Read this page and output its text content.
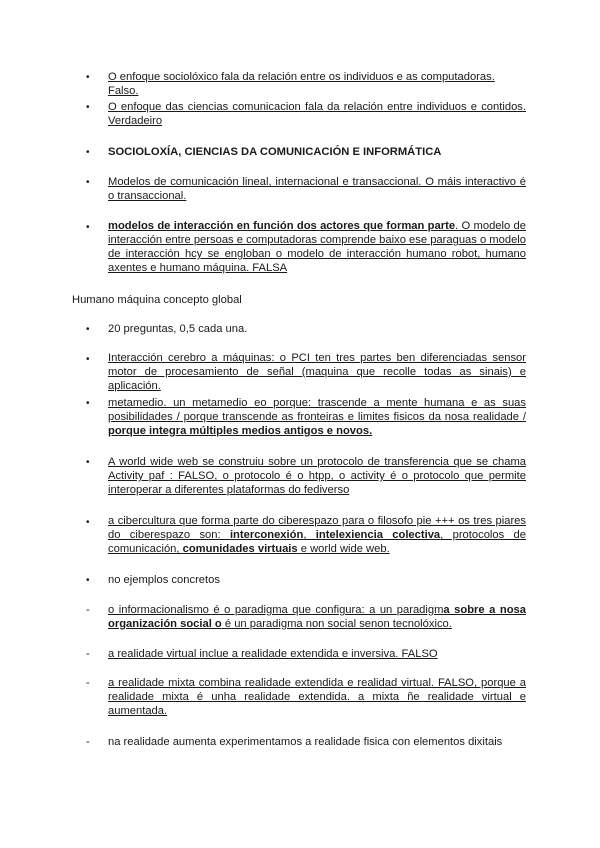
• O enfoque sociolóxico fala da relación entre os individuos e as computadoras. Falso.
• O enfoque das ciencias comunicacion fala da relación entre individuos e contidos. Verdadeiro
• SOCIOLOXÍA, CIENCIAS DA COMUNICACIÓN E INFORMÁTICA
• Modelos de comunicación lineal, internacional e transaccional. O máis interactivo é o transaccional.
• modelos de interacción en función dos actores que forman parte. O modelo de interacción entre persoas e computadoras comprende baixo ese paraguas o modelo de interacción hcy se engloban o modelo de interacción humano robot, humano axentes e humano máquina. FALSA
Humano máquina concepto global
• 20 preguntas, 0,5 cada una.
• Interacción cerebro a máquinas: o PCI ten tres partes ben diferenciadas sensor motor de procesamiento de señal (maquina que recolle todas as sinais) e aplicación.
• metamedio. un metamedio eo porque: trascende a mente humana e as suas posibilidades / porque transcende as fronteiras e limites fisicos da nosa realidade / porque integra múltiples medios antigos e novos.
• A world wide web se construiu sobre un protocolo de transferencia que se chama Activity paf : FALSO, o protocolo é o htpp, o activity é o protocolo que permite interoperar a diferentes plataformas do fediverso
• a cibercultura que forma parte do ciberespazo para o filosofo pie +++ os tres piares do ciberespazo son: interconexión, intelexiencia colectiva, protocolos de comunicación, comunidades virtuais e world wide web.
• no ejemplos concretos
- o informacionalismo é o paradigma que configura: a un paradigma sobre a nosa organización social o é un paradigma non social senon tecnolóxico.
- a realidade virtual inclue a realidade extendida e inversiva. FALSO
- a realidade mixta combina realidade extendida e realidad virtual. FALSO, porque a realidade mixta é unha realidade extendida. a mixta ñe realidade virtual e aumentada.
- na realidade aumenta experimentamos a realidade fisica con elementos dixitais
